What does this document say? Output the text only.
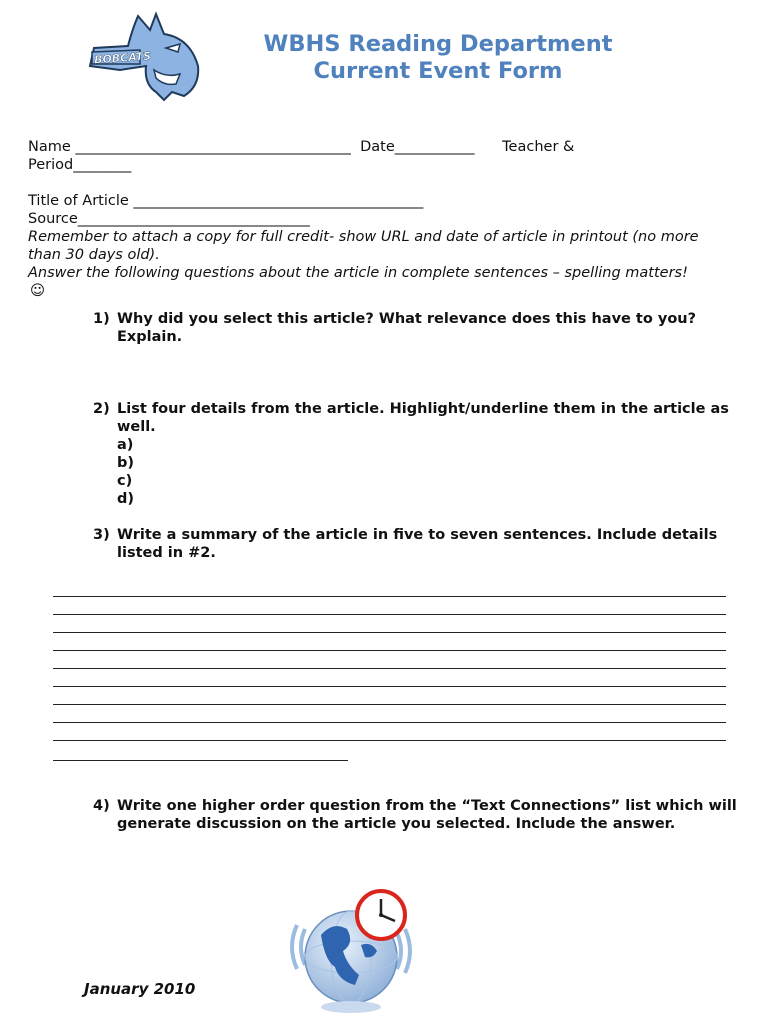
BOBCATS
WBHS Reading Department
Current Event Form
Name ______________________________________  Date___________      Teacher &
Period________
Title of Article ________________________________________
Source________________________________
Remember to attach a copy for full credit- show URL and date of article in printout (no more
than 30 days old).
Answer the following questions about the article in complete sentences – spelling matters!
☺
1) Why did you select this article? What relevance does this have to you? Explain.
2) List four details from the article. Highlight/underline them in the article as well.
a)
b)
c)
d)
3) Write a summary of the article in five to seven sentences. Include details listed in #2.
4) Write one higher order question from the “Text Connections” list which will generate discussion on the article you selected. Include the answer.
January 2010
